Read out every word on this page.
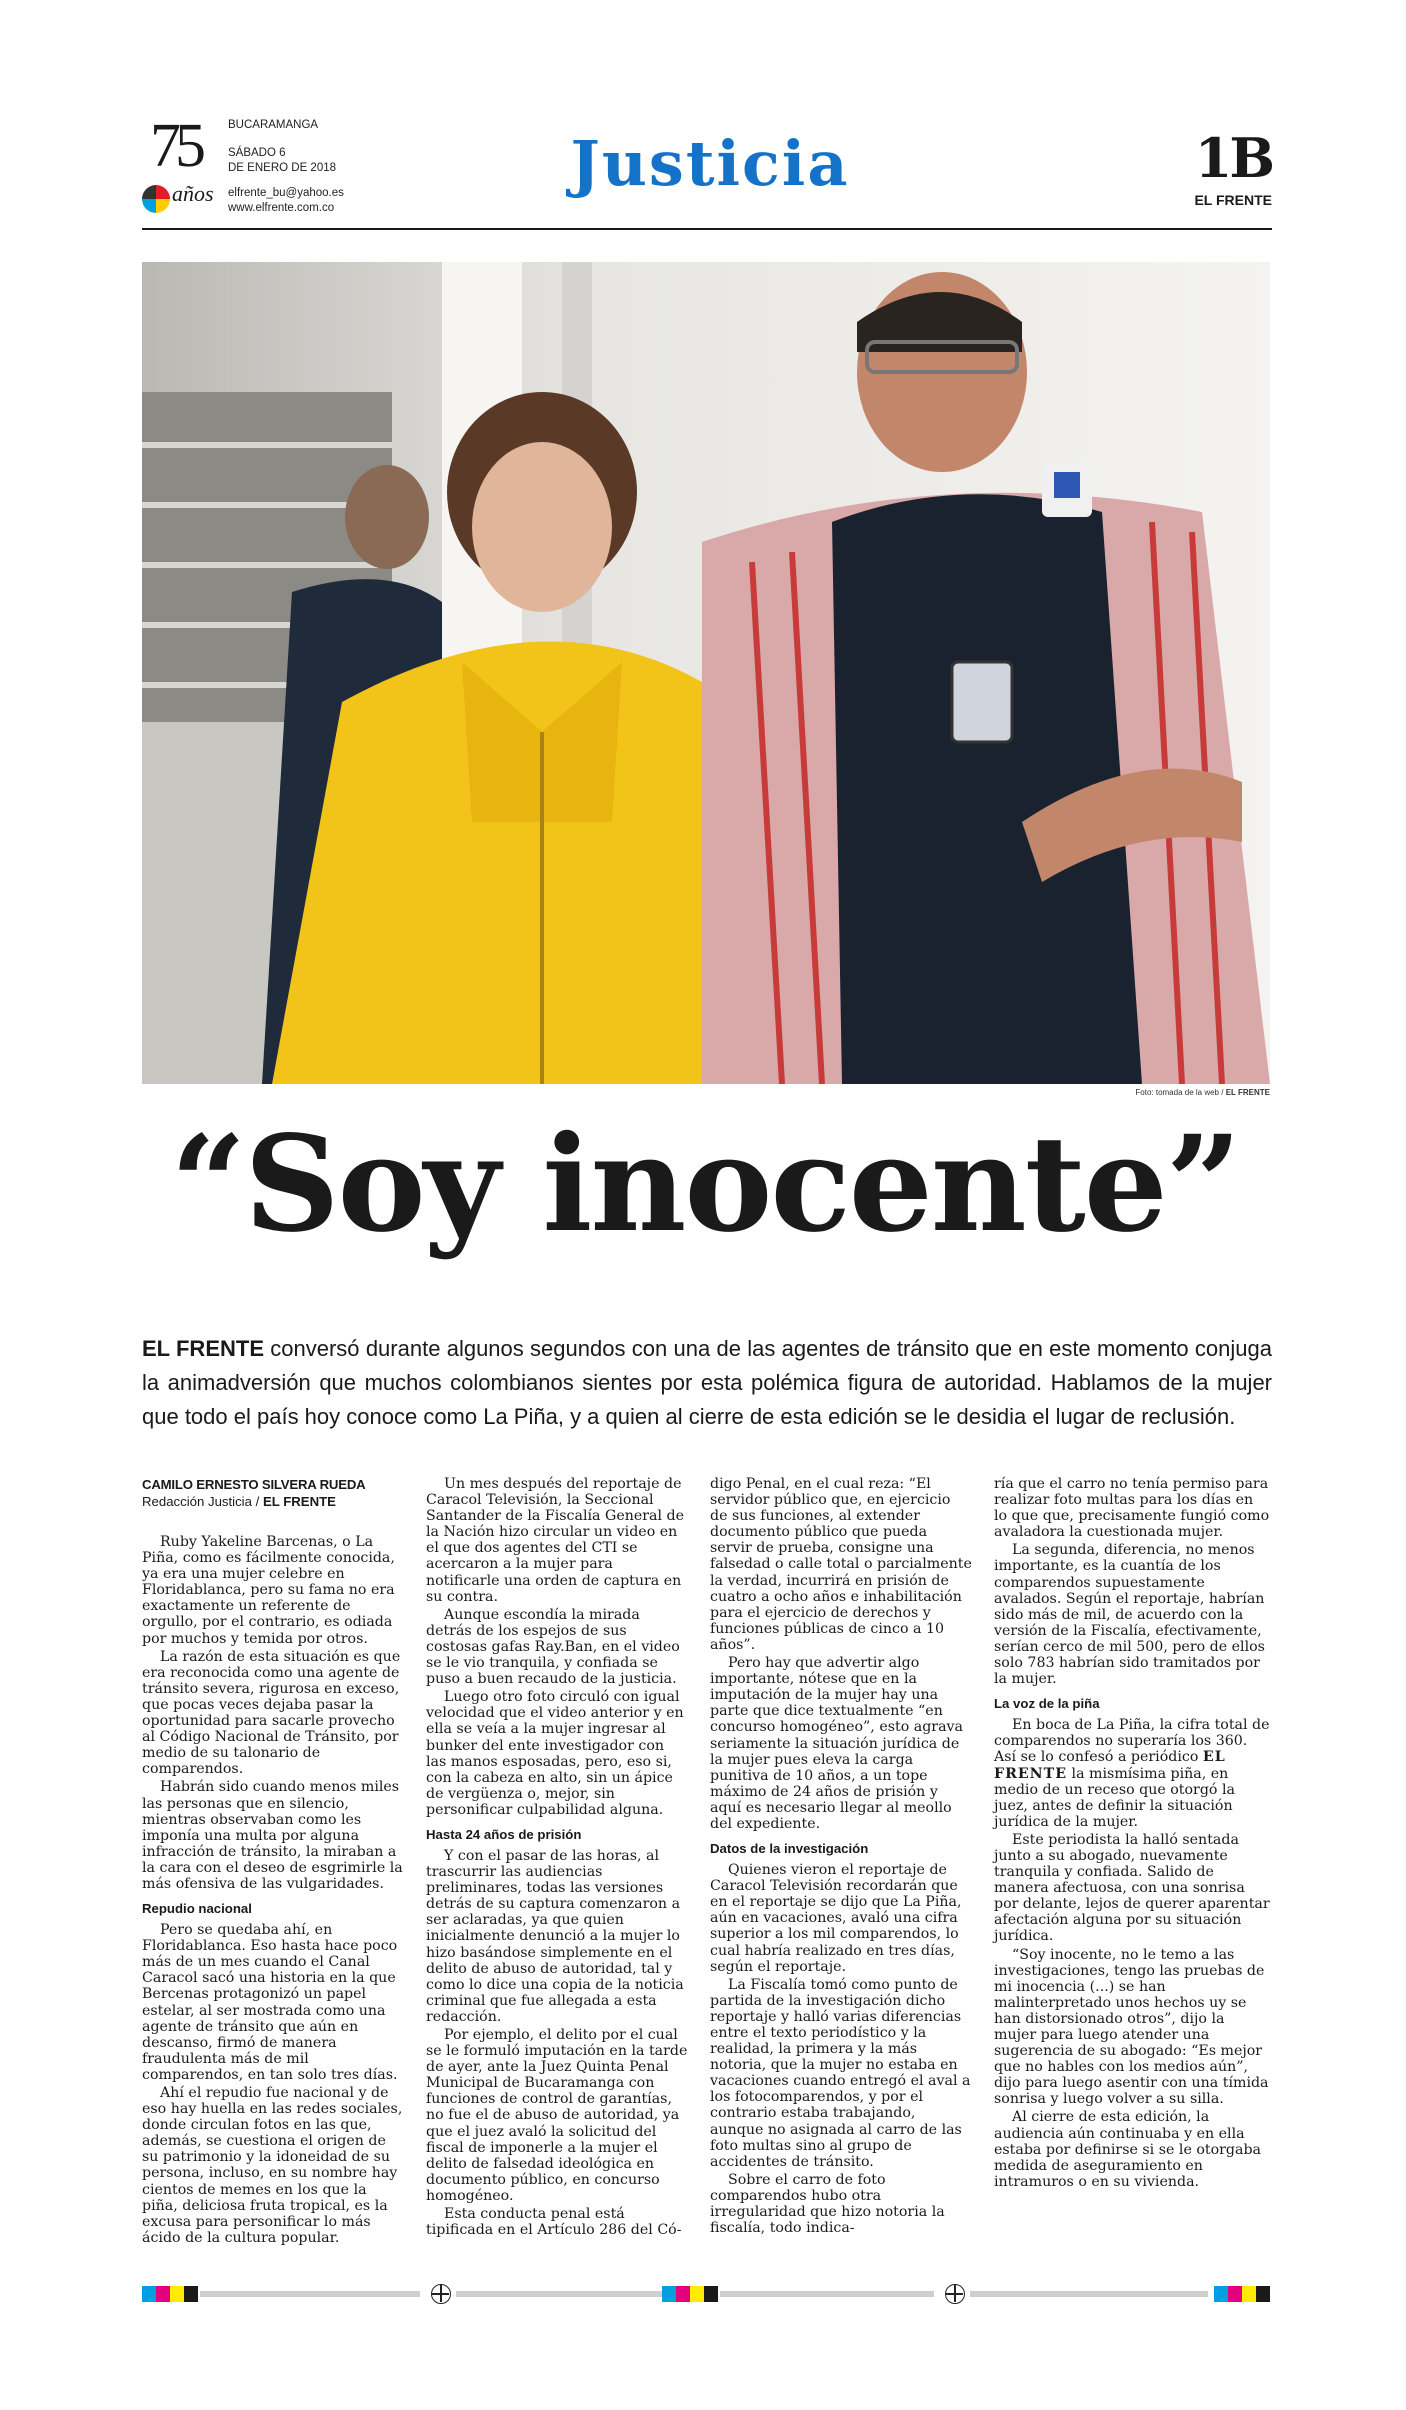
75
años
BUCARAMANGA
SÁBADO 6
DE ENERO DE 2018
elfrente_bu@yahoo.es
www.elfrente.com.co
Justicia	1B
EL FRENTE
Foto: tomada de la web / EL FRENTE
“Soy inocente”
EL FRENTE conversó durante algunos segundos con una de las agentes de tránsito que en este momento conjuga la animadversión que muchos colombianos sientes por esta polémica figura de autoridad. Hablamos de la mujer que todo el país hoy conoce como La Piña, y a quien al cierre de esta edición se le desidia el lugar de reclusión.
CAMILO ERNESTO SILVERA RUEDA
Redacción Justicia / EL FRENTE

Ruby Yakeline Barcenas, o La Piña, como es fácilmente conocida, ya era una mujer celebre en Floridablanca, pero su fama no era exactamente un referente de orgullo, por el contrario, es odiada por muchos y temida por otros.

La razón de esta situación es que era reconocida como una agente de tránsito severa, rigurosa en exceso, que pocas veces dejaba pasar la oportunidad para sacarle provecho al Código Nacional de Tránsito, por medio de su talonario de comparendos.

Habrán sido cuando menos miles las personas que en silencio, mientras observaban como les imponía una multa por alguna infracción de tránsito, la miraban a la cara con el deseo de esgrimirle la más ofensiva de las vulgaridades.

Repudio nacional

Pero se quedaba ahí, en Floridablanca. Eso hasta hace poco más de un mes cuando el Canal Caracol sacó una historia en la que Bercenas protagonizó un papel estelar, al ser mostrada como una agente de tránsito que aún en descanso, firmó de manera fraudulenta más de mil comparendos, en tan solo tres días.

Ahí el repudio fue nacional y de eso hay huella en las redes sociales, donde circulan fotos en las que, además, se cuestiona el origen de su patrimonio y la idoneidad de su persona, incluso, en su nombre hay cientos de memes en los que la piña, deliciosa fruta tropical, es la excusa para personificar lo más ácido de la cultura popular.

Un mes después del reportaje de Caracol Televisión, la Seccional Santander de la Fiscalía General de la Nación hizo circular un video en el que dos agentes del CTI se acercaron a la mujer para notificarle una orden de captura en su contra.

Aunque escondía la mirada detrás de los espejos de sus costosas gafas Ray.Ban, en el video se le vio tranquila, y confiada se puso a buen recaudo de la justicia.

Luego otro foto circuló con igual velocidad que el video anterior y en ella se veía a la mujer ingresar al bunker del ente investigador con las manos esposadas, pero, eso si, con la cabeza en alto, sin un ápice de vergüenza o, mejor, sin personificar culpabilidad alguna.

Hasta 24 años de prisión

Y con el pasar de las horas, al trascurrir las audiencias preliminares, todas las versiones detrás de su captura comenzaron a ser aclaradas, ya que quien inicialmente denunció a la mujer lo hizo basándose simplemente en el delito de abuso de autoridad, tal y como lo dice una copia de la noticia criminal que fue allegada a esta redacción.

Por ejemplo, el delito por el cual se le formuló imputación en la tarde de ayer, ante la Juez Quinta Penal Municipal de Bucaramanga con funciones de control de garantías, no fue el de abuso de autoridad, ya que el juez avaló la solicitud del fiscal de imponerle a la mujer el delito de falsedad ideológica en documento público, en concurso homogéneo.

Esta conducta penal está tipificada en el Artículo 286 del Có-

digo Penal, en el cual reza: “El servidor público que, en ejercicio de sus funciones, al extender documento público que pueda servir de prueba, consigne una falsedad o calle total o parcialmente la verdad, incurrirá en prisión de cuatro a ocho años e inhabilitación para el ejercicio de derechos y funciones públicas de cinco a 10 años”.

Pero hay que advertir algo importante, nótese que en la imputación de la mujer hay una parte que dice textualmente “en concurso homogéneo”, esto agrava seriamente la situación jurídica de la mujer pues eleva la carga punitiva de 10 años, a un tope máximo de 24 años de prisión y aquí es necesario llegar al meollo del expediente.

Datos de la investigación

Quienes vieron el reportaje de Caracol Televisión recordarán que en el reportaje se dijo que La Piña, aún en vacaciones, avaló una cifra superior a los mil comparendos, lo cual habría realizado en tres días, según el reportaje.

La Fiscalía tomó como punto de partida de la investigación dicho reportaje y halló varias diferencias entre el texto periodístico y la realidad, la primera y la más notoria, que la mujer no estaba en vacaciones cuando entregó el aval a los fotocomparendos, y por el contrario estaba trabajando, aunque no asignada al carro de las foto multas sino al grupo de accidentes de tránsito.

Sobre el carro de foto comparendos hubo otra irregularidad que hizo notoria la fiscalía, todo indica-

ría que el carro no tenía permiso para realizar foto multas para los días en lo que que, precisamente fungió como avaladora la cuestionada mujer.

La segunda, diferencia, no menos importante, es la cuantía de los comparendos supuestamente avalados. Según el reportaje, habrían sido más de mil, de acuerdo con la versión de la Fiscalía, efectivamente, serían cerco de mil 500, pero de ellos solo 783 habrían sido tramitados por la mujer.

La voz de la piña

En boca de La Piña, la cifra total de comparendos no superaría los 360. Así se lo confesó a periódico EL FRENTE la mismísima piña, en medio de un receso que otorgó la juez, antes de definir la situación jurídica de la mujer.

Este periodista la halló sentada junto a su abogado, nuevamente tranquila y confiada. Salido de manera afectuosa, con una sonrisa por delante, lejos de querer aparentar afectación alguna por su situación jurídica.

“Soy inocente, no le temo a las investigaciones, tengo las pruebas de mi inocencia (...) se han malinterpretado unos hechos uy se han distorsionado otros”, dijo la mujer para luego atender una sugerencia de su abogado: “Es mejor que no hables con los medios aún”, dijo para luego asentir con una tímida sonrisa y luego volver a su silla.

Al cierre de esta edición, la audiencia aún continuaba y en ella estaba por definirse si se le otorgaba medida de aseguramiento en intramuros o en su vivienda.
